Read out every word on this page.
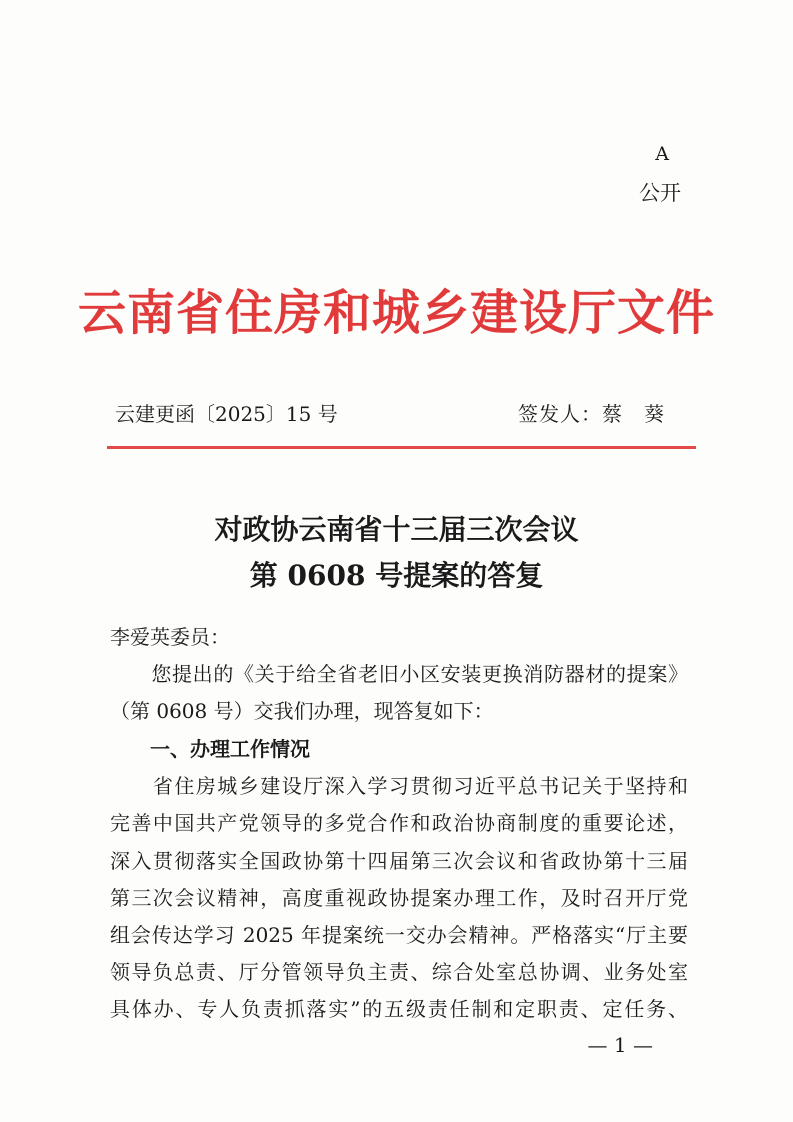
A
公开
云南省住房和城乡建设厅文件
云建更函〔2025〕15 号	签发人：蔡　葵
对政协云南省十三届三次会议
第 0608 号提案的答复
李爱英委员：
　　您提出的《关于给全省老旧小区安装更换消防器材的提案》
（第 0608 号）交我们办理，现答复如下：
　　一、办理工作情况
　　省住房城乡建设厅深入学习贯彻习近平总书记关于坚持和
完善中国共产党领导的多党合作和政治协商制度的重要论述，
深入贯彻落实全国政协第十四届第三次会议和省政协第十三届
第三次会议精神，高度重视政协提案办理工作，及时召开厅党
组会传达学习 2025 年提案统一交办会精神。严格落实“厅主要
领导负总责、厅分管领导负主责、综合处室总协调、业务处室
具体办、专人负责抓落实”的五级责任制和定职责、定任务、
— 1 —
